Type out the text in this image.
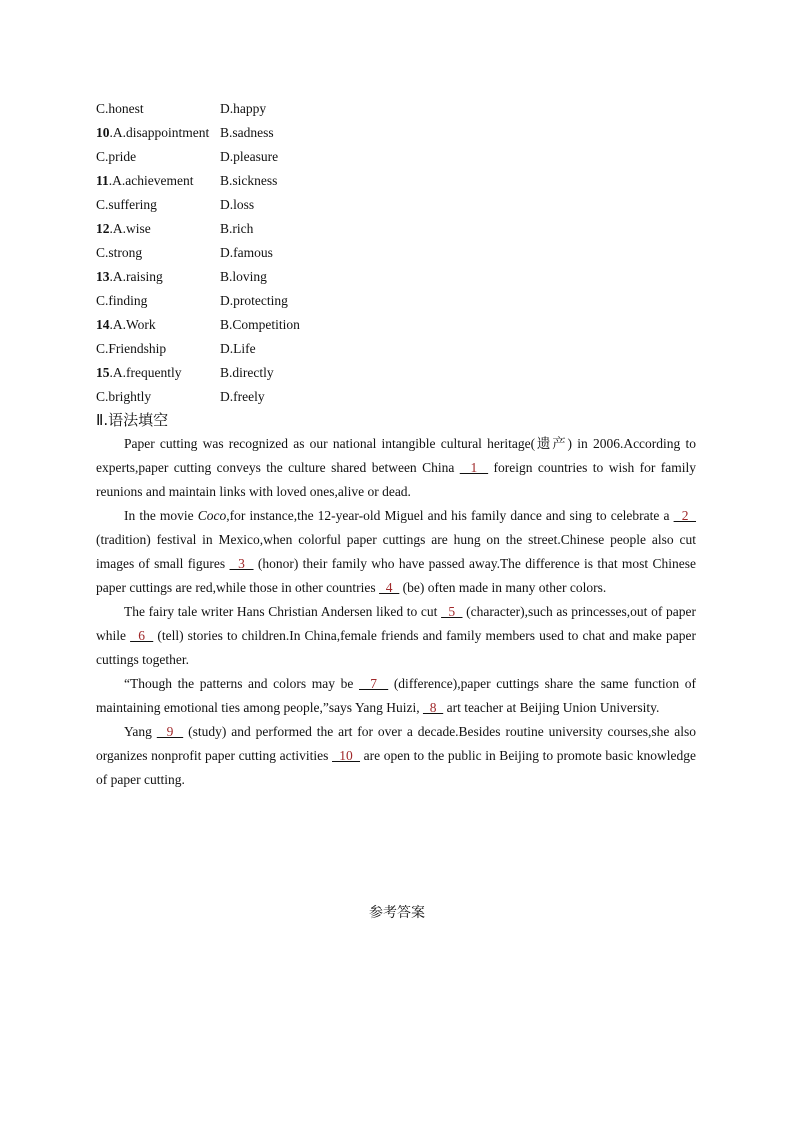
C.honest	D.happy
10.A.disappointment B.sadness
C.pride	D.pleasure
11.A.achievement B.sickness
C.suffering	D.loss
12.A.wise	B.rich
C.strong	D.famous
13.A.raising	B.loving
C.finding	D.protecting
14.A.Work	B.Competition
C.Friendship	D.Life
15.A.frequently	B.directly
C.brightly	D.freely
Ⅱ.语法填空

Paper cutting was recognized as our national intangible cultural heritage(遗产) in 2006.According to experts,paper cutting conveys the culture shared between China   1   foreign countries to wish for family reunions and maintain links with loved ones,alive or dead.

In the movie Coco,for instance,the 12-year-old Miguel and his family dance and sing to celebrate a   2   (tradition) festival in Mexico,when colorful paper cuttings are hung on the street.Chinese people also cut images of small figures   3   (honor) their family who have passed away.The difference is that most Chinese paper cuttings are red,while those in other countries   4   (be) often made in many other colors.

The fairy tale writer Hans Christian Andersen liked to cut   5   (character),such as princesses,out of paper while   6   (tell) stories to children.In China,female friends and family members used to chat and make paper cuttings together.

“Though the patterns and colors may be   7   (difference),paper cuttings share the same function of maintaining emotional ties among people,”says Yang Huizi,   8   art teacher at Beijing Union University.

Yang   9   (study) and performed the art for over a decade.Besides routine university courses,she also organizes nonprofit paper cutting activities   10   are open to the public in Beijing to promote basic knowledge of paper cutting.

参考答案
